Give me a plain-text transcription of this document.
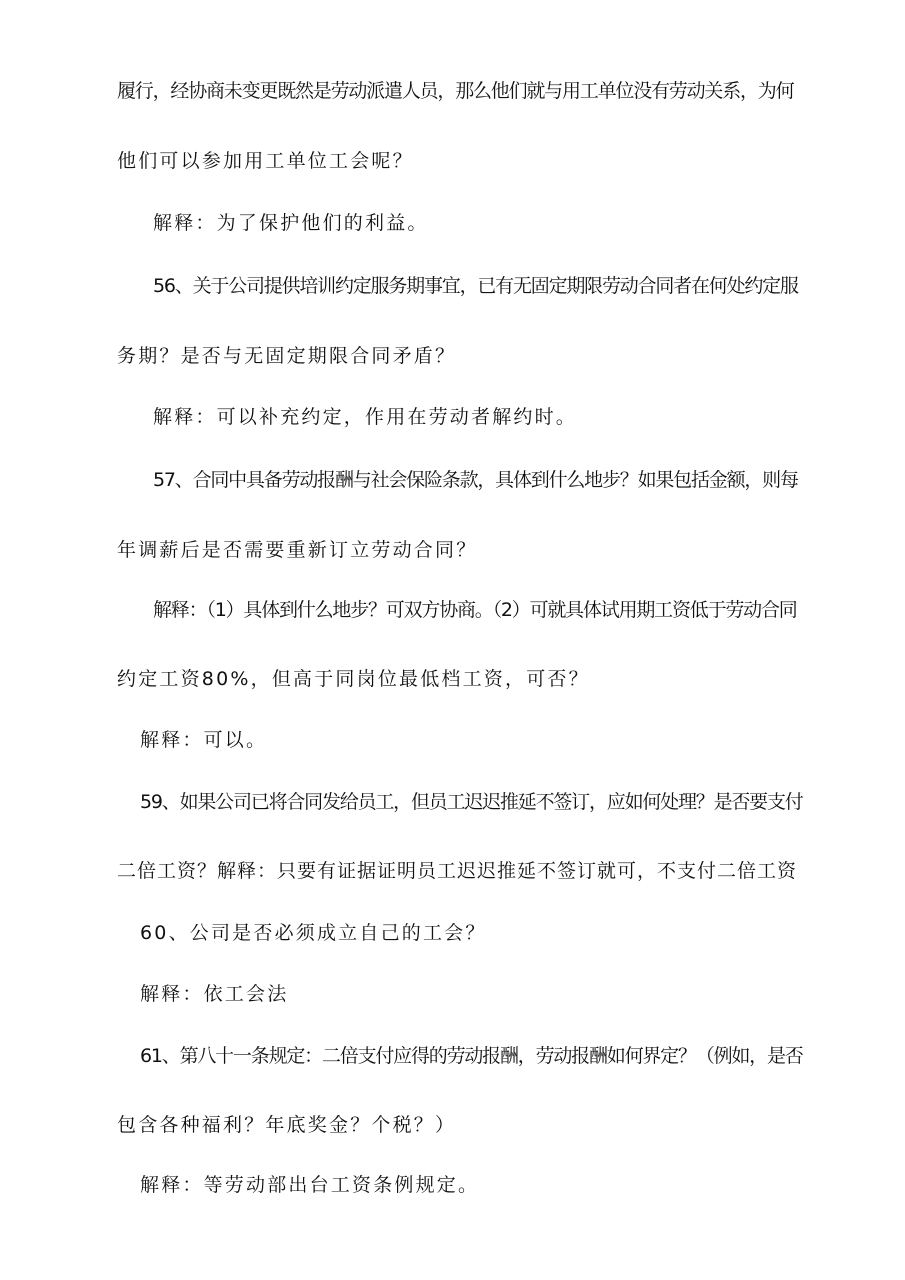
履行，经协商未变更既然是劳动派遣人员，那么他们就与用工单位没有劳动关系，为何
他们可以参加用工单位工会呢？
解释：为了保护他们的利益。
56、关于公司提供培训约定服务期事宜，已有无固定期限劳动合同者在何处约定服
务期？是否与无固定期限合同矛盾？
解释：可以补充约定，作用在劳动者解约时。
57、合同中具备劳动报酬与社会保险条款，具体到什么地步？如果包括金额，则每
年调薪后是否需要重新订立劳动合同？
解释：（1）具体到什么地步？可双方协商。（2）可就具体试用期工资低于劳动合同
约定工资80%，但高于同岗位最低档工资，可否？
解释：可以。
59、如果公司已将合同发给员工，但员工迟迟推延不签订，应如何处理？是否要支付
二倍工资？解释：只要有证据证明员工迟迟推延不签订就可，不支付二倍工资
60、公司是否必须成立自己的工会？
解释：依工会法
61、第八十一条规定：二倍支付应得的劳动报酬，劳动报酬如何界定？（例如，是否
包含各种福利？年底奖金？个税？）
解释：等劳动部出台工资条例规定。
